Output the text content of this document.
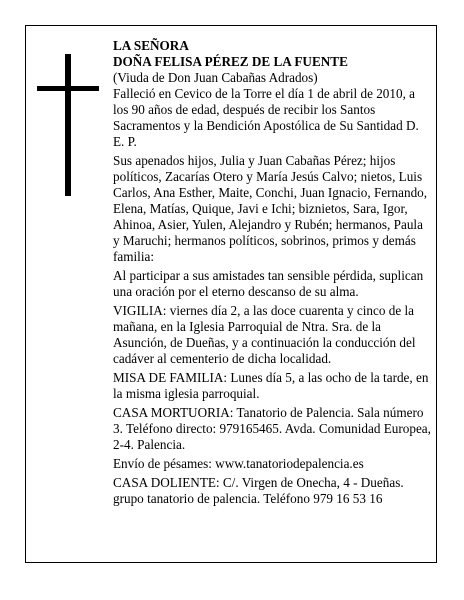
LA SEÑORA

DOÑA FELISA PÉREZ DE LA FUENTE

(Viuda de Don Juan Cabañas Adrados)

Falleció en Cevico de la Torre el día 1 de abril de 2010, a los 90 años de edad, después de recibir los Santos Sacramentos y la Bendición Apostólica de Su Santidad D. E. P.

Sus apenados hijos, Julia y Juan Cabañas Pérez; hijos políticos, Zacarías Otero y María Jesús Calvo; nietos, Luis Carlos, Ana Esther, Maite, Conchi, Juan Ignacio, Fernando, Elena, Matías, Quique, Javi e Ichi; biznietos, Sara, Igor, Ahinoa, Asier, Yulen, Alejandro y Rubén; hermanos, Paula y Maruchi; hermanos políticos, sobrinos, primos y demás familia:

Al participar a sus amistades tan sensible pérdida, suplican una oración por el eterno descanso de su alma.

VIGILIA: viernes día 2, a las doce cuarenta y cinco de la mañana, en la Iglesia Parroquial de Ntra. Sra. de la Asunción, de Dueñas, y a continuación la conducción del cadáver al cementerio de dicha localidad.

MISA DE FAMILIA: Lunes día 5, a las ocho de la tarde, en la misma iglesia parroquial.

CASA MORTUORIA: Tanatorio de Palencia. Sala número 3. Teléfono directo: 979165465. Avda. Comunidad Europea, 2-4. Palencia.

Envío de pésames: www.tanatoriodepalencia.es

CASA DOLIENTE: C/. Virgen de Onecha, 4 - Dueñas. grupo tanatorio de palencia. Teléfono 979 16 53 16
